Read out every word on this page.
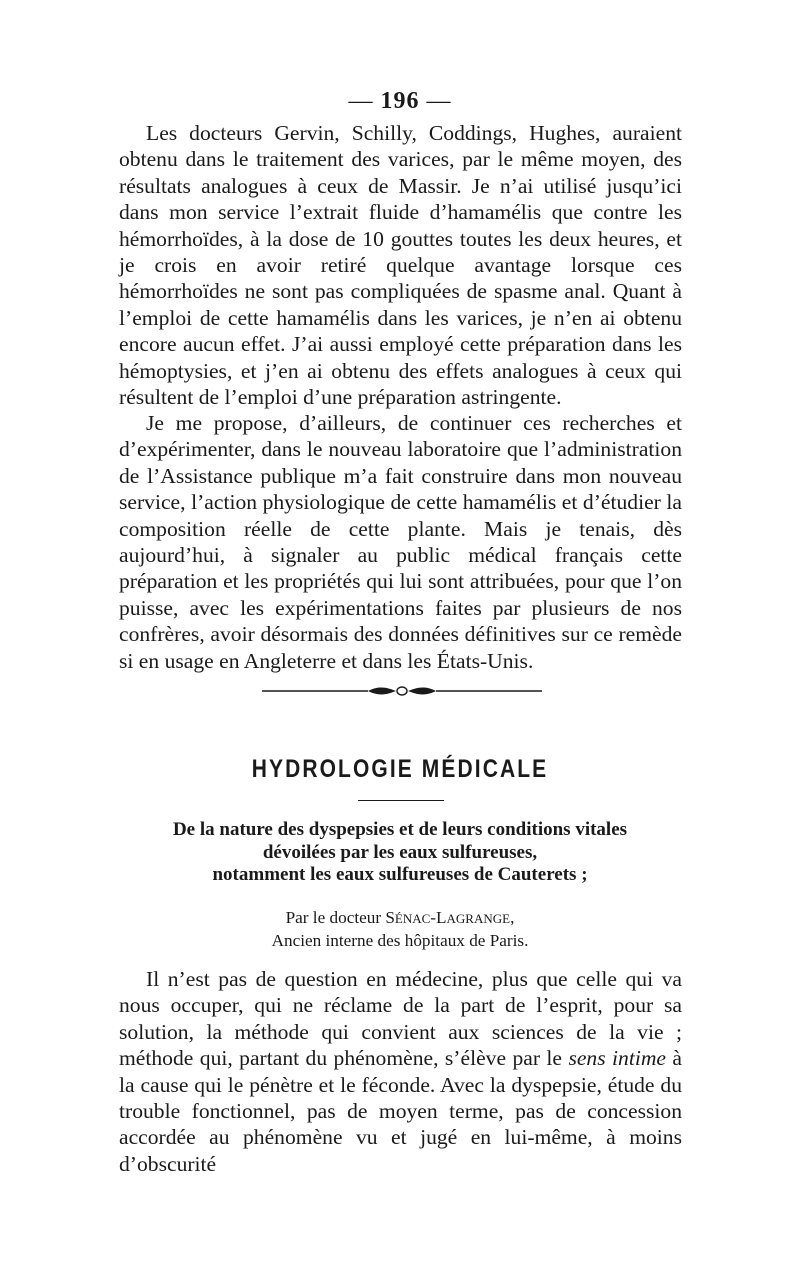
— 196 —

Les docteurs Gervin, Schilly, Coddings, Hughes, auraient obtenu dans le traitement des varices, par le même moyen, des résultats analogues à ceux de Massir. Je n’ai utilisé jusqu’ici dans mon service l’extrait fluide d’hamamélis que contre les hémorrhoïdes, à la dose de 10 gouttes toutes les deux heures, et je crois en avoir retiré quelque avantage lorsque ces hémorrhoïdes ne sont pas compliquées de spasme anal. Quant à l’emploi de cette hamamélis dans les varices, je n’en ai obtenu encore aucun effet. J’ai aussi employé cette préparation dans les hémoptysies, et j’en ai obtenu des effets analogues à ceux qui résultent de l’emploi d’une préparation astringente.

Je me propose, d’ailleurs, de continuer ces recherches et d’expérimenter, dans le nouveau laboratoire que l’administration de l’Assistance publique m’a fait construire dans mon nouveau service, l’action physiologique de cette hamamélis et d’étudier la composition réelle de cette plante. Mais je tenais, dès aujourd’hui, à signaler au public médical français cette préparation et les propriétés qui lui sont attribuées, pour que l’on puisse, avec les expérimentations faites par plusieurs de nos confrères, avoir désormais des données définitives sur ce remède si en usage en Angleterre et dans les États-Unis.

HYDROLOGIE MÉDICALE
De la nature des dyspepsies et de leurs conditions vitales
dévoilées par les eaux sulfureuses,
notamment les eaux sulfureuses de Cauterets ;
Par le docteur SÉNAC-LAGRANGE,
Ancien interne des hôpitaux de Paris.

Il n’est pas de question en médecine, plus que celle qui va nous occuper, qui ne réclame de la part de l’esprit, pour sa solution, la méthode qui convient aux sciences de la vie ; méthode qui, partant du phénomène, s’élève par le sens intime à la cause qui le pénètre et le féconde. Avec la dyspepsie, étude du trouble fonctionnel, pas de moyen terme, pas de concession accordée au phénomène vu et jugé en lui-même, à moins d’obscurité
